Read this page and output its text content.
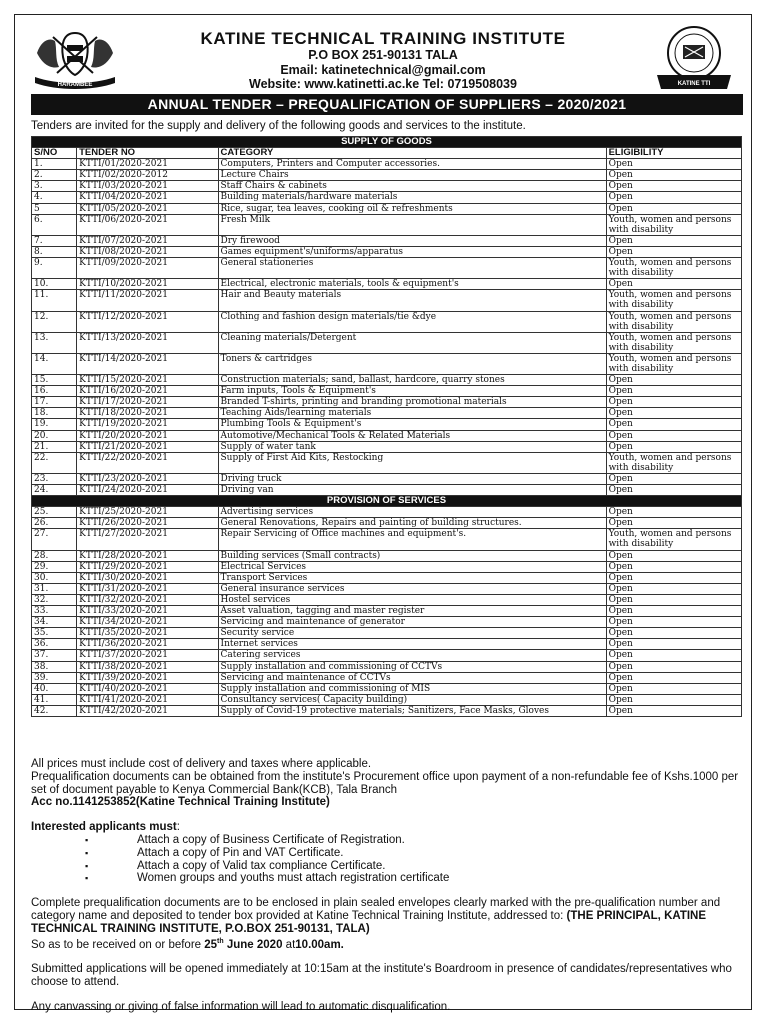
HARAMBEE
KATINE TECHNICAL TRAINING INSTITUTE
P.O BOX 251-90131 TALA
Email: katinetechnical@gmail.com
Website: www.katinetti.ac.ke Tel: 0719508039	KATINE TTI
ANNUAL TENDER – PREQUALIFICATION OF SUPPLIERS – 2020/2021
Tenders are invited for the supply and delivery of the following goods and services to the institute.
SUPPLY OF GOODS			
S/NO	TENDER NO	CATEGORY	ELIGIBILITY
1.	KTTI/01/2020-2021	Computers, Printers and Computer accessories.	Open
2.	KTTI/02/2020-2012	Lecture Chairs	Open
3.	KTTI/03/2020-2021	Staff Chairs & cabinets	Open
4.	KTTI/04/2020-2021	Building materials/hardware materials	Open
5	KTTI/05/2020-2021	Rice, sugar, tea leaves, cooking oil & refreshments	Open
6.	KTTI/06/2020-2021	Fresh Milk	Youth, women and persons with disability
7.	KTTI/07/2020-2021	Dry firewood	Open
8.	KTTI/08/2020-2021	Games equipment's/uniforms/apparatus	Open
9.	KTTI/09/2020-2021	General stationeries	Youth, women and persons with disability
10.	KTTI/10/2020-2021	Electrical, electronic materials, tools & equipment's	Open
11.	KTTI/11/2020-2021	Hair and Beauty materials	Youth, women and persons with disability
12.	KTTI/12/2020-2021	Clothing and fashion design materials/tie &dye	Youth, women and persons with disability
13.	KTTI/13/2020-2021	Cleaning materials/Detergent	Youth, women and persons with disability
14.	KTTI/14/2020-2021	Toners & cartridges	Youth, women and persons with disability
15.	KTTI/15/2020-2021	Construction materials; sand, ballast, hardcore, quarry stones	Open
16.	KTTI/16/2020-2021	Farm inputs, Tools & Equipment's	Open
17.	KTTI/17/2020-2021	Branded T-shirts, printing and branding promotional materials	Open
18.	KTTI/18/2020-2021	Teaching Aids/learning materials	Open
19.	KTTI/19/2020-2021	Plumbing Tools & Equipment's	Open
20.	KTTI/20/2020-2021	Automotive/Mechanical Tools & Related Materials	Open
21.	KTTI/21/2020-2021	Supply of water tank	Open
22.	KTTI/22/2020-2021	Supply of First Aid Kits, Restocking	Youth, women and persons with disability
23.	KTTI/23/2020-2021	Driving truck	Open
24.	KTTI/24/2020-2021	Driving van	Open
PROVISION OF SERVICES			
25.	KTTI/25/2020-2021	Advertising services	Open
26.	KTTI/26/2020-2021	General Renovations, Repairs and painting of building structures.	Open
27.	KTTI/27/2020-2021	Repair Servicing of Office machines and equipment's.	Youth, women and persons with disability
28.	KTTI/28/2020-2021	Building services (Small contracts)	Open
29.	KTTI/29/2020-2021	Electrical Services	Open
30.	KTTI/30/2020-2021	Transport Services	Open
31.	KTTI/31/2020-2021	General insurance services	Open
32.	KTTI/32/2020-2021	Hostel services	Open
33.	KTTI/33/2020-2021	Asset valuation, tagging and master register	Open
34.	KTTI/34/2020-2021	Servicing and maintenance of generator	Open
35.	KTTI/35/2020-2021	Security service	Open
36.	KTTI/36/2020-2021	Internet services	Open
37.	KTTI/37/2020-2021	Catering services	Open
38.	KTTI/38/2020-2021	Supply installation and commissioning of CCTVs	Open
39.	KTTI/39/2020-2021	Servicing and maintenance of CCTVs	Open
40.	KTTI/40/2020-2021	Supply installation and commissioning of MIS	Open
41.	KTTI/41/2020-2021	Consultancy services( Capacity building)	Open
42.	KTTI/42/2020-2021	Supply of Covid-19 protective materials; Sanitizers, Face Masks, Gloves	Open

All prices must include cost of delivery and taxes where applicable.

Prequalification documents can be obtained from the institute's Procurement office upon payment of a non-refundable fee of Kshs.1000 per set of document payable to Kenya Commercial Bank(KCB), Tala Branch

Acc no.1141253852(Katine Technical Training Institute)

Interested applicants must:

▪ Attach a copy of Business Certificate of Registration.
▪ Attach a copy of Pin and VAT Certificate.
▪ Attach a copy of Valid tax compliance Certificate.
▪ Women groups and youths must attach registration certificate

Complete prequalification documents are to be enclosed in plain sealed envelopes clearly marked with the pre-qualification number and category name and deposited to tender box provided at Katine Technical Training Institute, addressed to: (THE PRINCIPAL, KATINE TECHNICAL TRAINING INSTITUTE, P.O.BOX 251-90131, TALA)

So as to be received on or before 25th June 2020 at10.00am.

Submitted applications will be opened immediately at 10:15am at the institute's Boardroom in presence of candidates/representatives who choose to attend.

Any canvassing or giving of false information will lead to automatic disqualification.
